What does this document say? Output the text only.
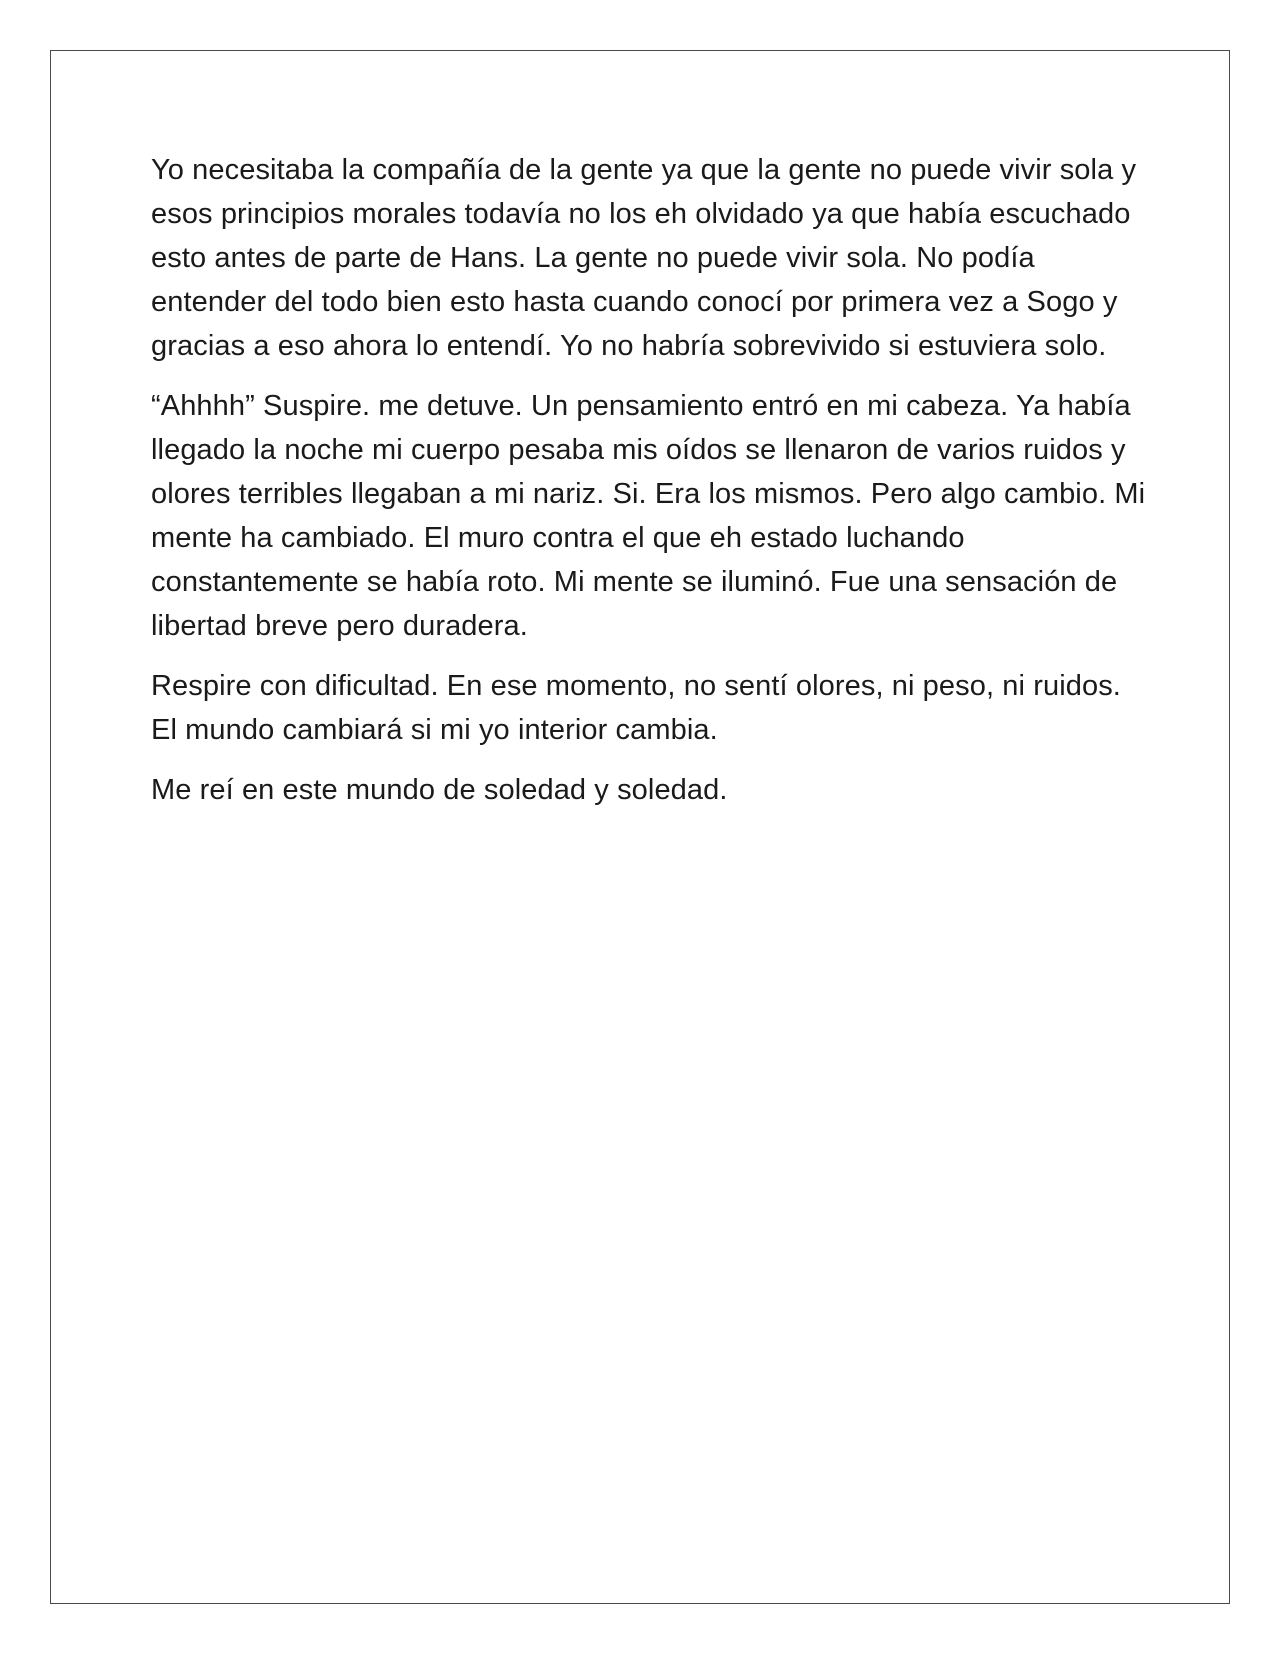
Yo necesitaba la compañía de la gente ya que la gente no puede vivir sola y esos principios morales todavía no los eh olvidado ya que había escuchado esto antes de parte de Hans. La gente no puede vivir sola. No podía entender del todo bien esto hasta cuando conocí por primera vez a Sogo y gracias a eso ahora lo entendí. Yo no habría sobrevivido si estuviera solo.

“Ahhhh” Suspire. me detuve. Un pensamiento entró en mi cabeza. Ya había llegado la noche mi cuerpo pesaba mis oídos se llenaron de varios ruidos y olores terribles llegaban a mi nariz. Si. Era los mismos. Pero algo cambio. Mi mente ha cambiado. El muro contra el que eh estado luchando constantemente se había roto. Mi mente se iluminó. Fue una sensación de libertad breve pero duradera.

Respire con dificultad. En ese momento, no sentí olores, ni peso, ni ruidos. El mundo cambiará si mi yo interior cambia.

Me reí en este mundo de soledad y soledad.
